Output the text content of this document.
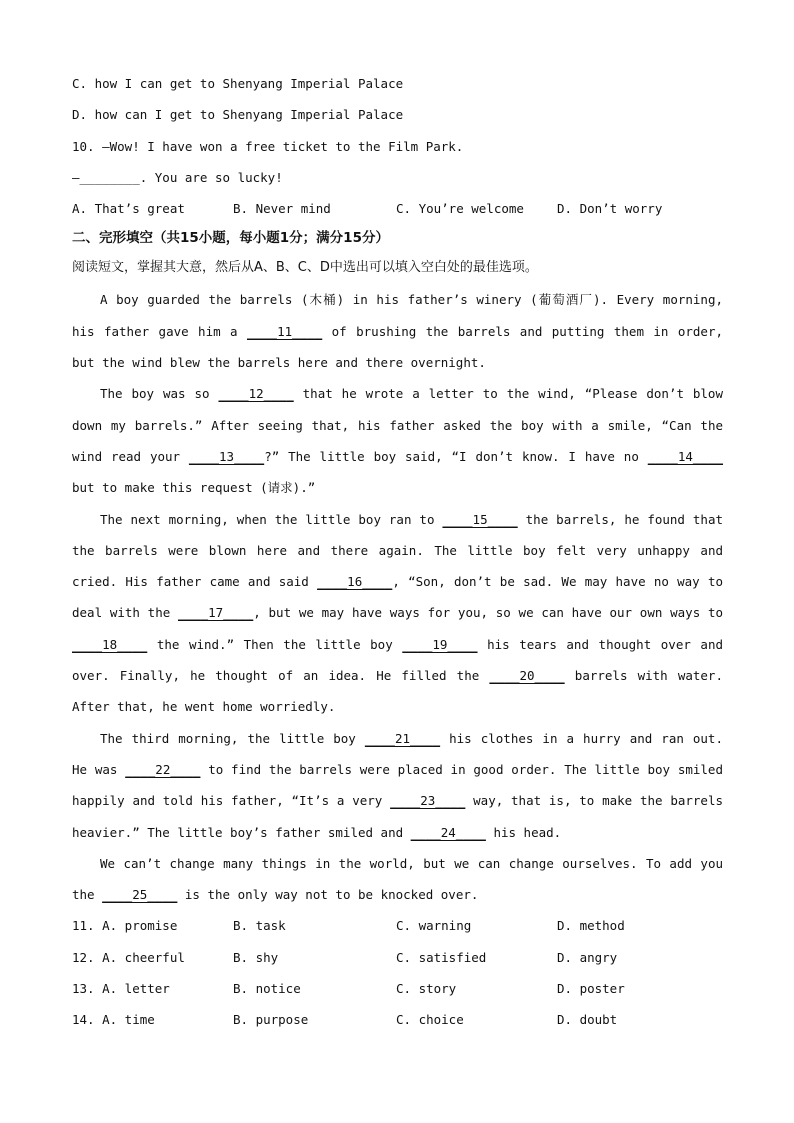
C. how I can get to Shenyang Imperial Palace
D. how can I get to Shenyang Imperial Palace
10. —Wow! I have won a free ticket to the Film Park.
—________. You are so lucky!
A. That’s great	B. Never mind	C. You’re welcome	D. Don’t worry
二、完形填空（共15小题，每小题1分；满分15分）
阅读短文，掌握其大意，然后从A、B、C、D中选出可以填入空白处的最佳选项。

A boy guarded the barrels (木桶) in his father’s winery (葡萄酒厂). Every morning, his father gave him a ____11____ of brushing the barrels and putting them in order, but the wind blew the barrels here and there overnight.

The boy was so ____12____ that he wrote a letter to the wind, “Please don’t blow down my barrels.” After seeing that, his father asked the boy with a smile, “Can the wind read your ____13____?” The little boy said, “I don’t know. I have no ____14____ but to make this request (请求).”

The next morning, when the little boy ran to ____15____ the barrels, he found that the barrels were blown here and there again. The little boy felt very unhappy and cried. His father came and said ____16____, “Son, don’t be sad. We may have no way to deal with the ____17____, but we may have ways for you, so we can have our own ways to ____18____ the wind.” Then the little boy ____19____ his tears and thought over and over. Finally, he thought of an idea. He filled the ____20____ barrels with water. After that, he went home worriedly.

The third morning, the little boy ____21____ his clothes in a hurry and ran out. He was ____22____ to find the barrels were placed in good order. The little boy smiled happily and told his father, “It’s a very ____23____ way, that is, to make the barrels heavier.” The little boy’s father smiled and ____24____ his head.

We can’t change many things in the world, but we can change ourselves. To add you the ____25____ is the only way not to be knocked over.

11. A. promise	B. task	C. warning	D. method
12. A. cheerful	B. shy	C. satisfied	D. angry
13. A. letter	B. notice	C. story	D. poster
14. A. time	B. purpose	C. choice	D. doubt
